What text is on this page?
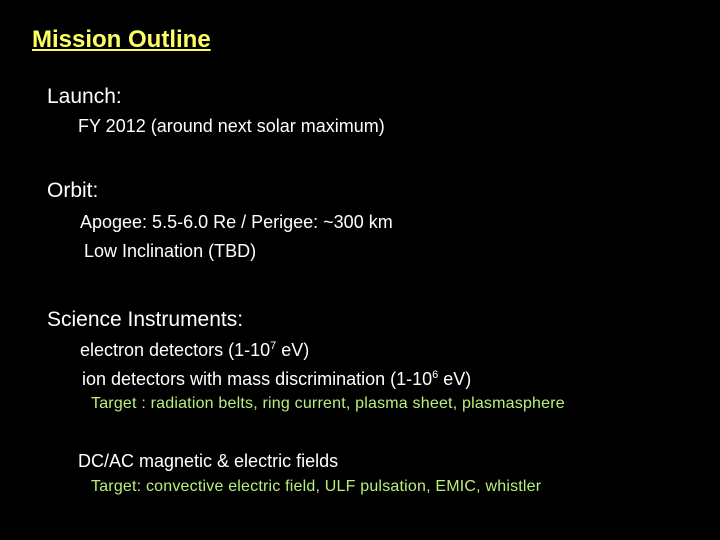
Mission Outline
Launch:
FY 2012 (around next solar maximum)
Orbit:
Apogee: 5.5-6.0 Re / Perigee: ~300 km
Low Inclination (TBD)
Science Instruments:
electron detectors ($1-10^7$ eV)
ion detectors with mass discrimination ($1-10^6$ eV)
Target : radiation belts, ring current, plasma sheet, plasmasphere
DC/AC magnetic & electric fields
Target: convective electric field, ULF pulsation, EMIC, whistler
